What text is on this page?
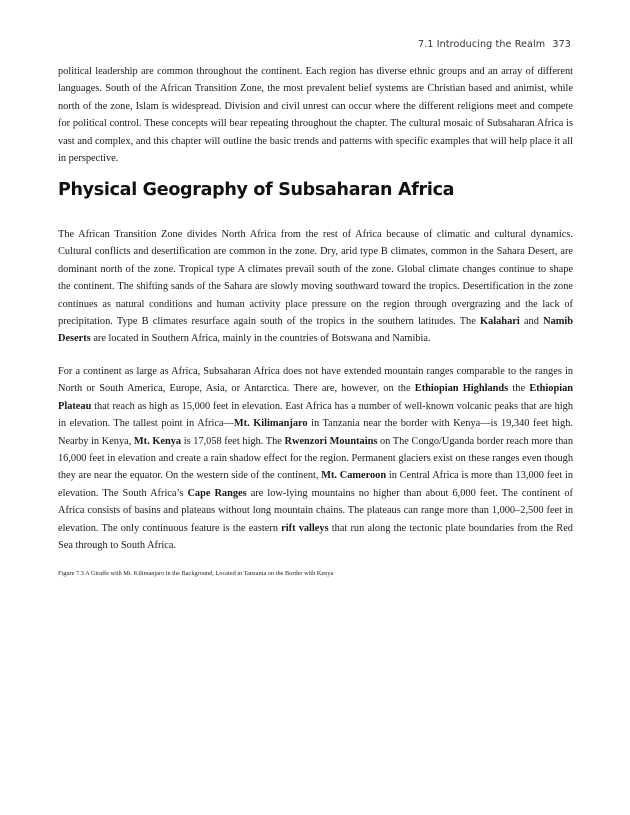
7.1 Introducing the Realm 373

political leadership are common throughout the continent. Each region has diverse ethnic groups and an array of different languages. South of the African Transition Zone, the most prevalent belief systems are Christian based and animist, while north of the zone, Islam is widespread. Division and civil unrest can occur where the different religions meet and compete for political control. These concepts will bear repeating throughout the chapter. The cultural mosaic of Subsaharan Africa is vast and complex, and this chapter will outline the basic trends and patterns with specific examples that will help place it all in perspective.

Physical Geography of Subsaharan Africa

The African Transition Zone divides North Africa from the rest of Africa because of climatic and cultural dynamics. Cultural conflicts and desertification are common in the zone. Dry, arid type B climates, common in the Sahara Desert, are dominant north of the zone. Tropical type A climates prevail south of the zone. Global climate changes continue to shape the continent. The shifting sands of the Sahara are slowly moving southward toward the tropics. Desertification in the zone continues as natural conditions and human activity place pressure on the region through overgrazing and the lack of precipitation. Type B climates resurface again south of the tropics in the southern latitudes. The Kalahari and Namib Deserts are located in Southern Africa, mainly in the countries of Botswana and Namibia.

For a continent as large as Africa, Subsaharan Africa does not have extended mountain ranges comparable to the ranges in North or South America, Europe, Asia, or Antarctica. There are, however, on the Ethiopian Highlands the Ethiopian Plateau that reach as high as 15,000 feet in elevation. East Africa has a number of well-known volcanic peaks that are high in elevation. The tallest point in Africa—Mt. Kilimanjaro in Tanzania near the border with Kenya—is 19,340 feet high. Nearby in Kenya, Mt. Kenya is 17,058 feet high. The Rwenzori Mountains on The Congo/Uganda border reach more than 16,000 feet in elevation and create a rain shadow effect for the region. Permanent glaciers exist on these ranges even though they are near the equator. On the western side of the continent, Mt. Cameroon in Central Africa is more than 13,000 feet in elevation. The South Africa’s Cape Ranges are low-lying mountains no higher than about 6,000 feet. The continent of Africa consists of basins and plateaus without long mountain chains. The plateaus can range more than 1,000–2,500 feet in elevation. The only continuous feature is the eastern rift valleys that run along the tectonic plate boundaries from the Red Sea through to South Africa.

Figure 7.3 A Giraffe with Mt. Kilimanjaro in the Background, Located in Tanzania on the Border with Kenya
